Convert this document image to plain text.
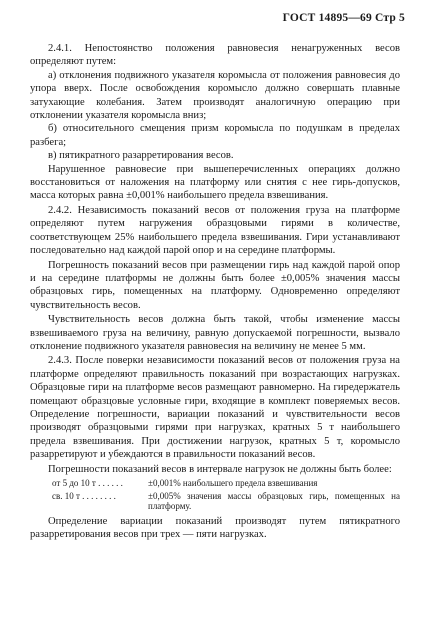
ГОСТ 14895—69 Стр 5

2.4.1. Непостоянство положения равновесия ненагруженных весов определяют путем:

а) отклонения подвижного указателя коромысла от положения равновесия до упора вверх. После освобождения коромысло должно совершать плавные затухающие колебания. Затем производят аналогичную операцию при отклонении указателя коромысла вниз;

б) относительного смещения призм коромысла по подушкам в пределах разбега;

в) пятикратного разарретирования весов.

Нарушенное равновесие при вышеперечисленных операциях должно восстановиться от наложения на платформу или снятия с нее гирь-допусков, масса которых равна ±0,001% наибольшего предела взвешивания.

2.4.2. Независимость показаний весов от положения груза на платформе определяют путем нагружения образцовыми гирями в количестве, соответствующем 25% наибольшего предела взвешивания. Гири устанавливают последовательно над каждой парой опор и на середине платформы.

Погрешность показаний весов при размещении гирь над каждой парой опор и на середине платформы не должны быть более ±0,005% значения массы образцовых гирь, помещенных на платформу. Одновременно определяют чувствительность весов.

Чувствительность весов должна быть такой, чтобы изменение массы взвешиваемого груза на величину, равную допускаемой погрешности, вызвало отклонение подвижного указателя равновесия на величину не менее 5 мм.

2.4.3. После поверки независимости показаний весов от положения груза на платформе определяют правильность показаний при возрастающих нагрузках. Образцовые гири на платформе весов размещают равномерно. На гиредержатель помещают образцовые условные гири, входящие в комплект поверяемых весов. Определение погрешности, вариации показаний и чувствительности весов производят образцовыми гирями при нагрузках, кратных 5 т наибольшего предела взвешивания. При достижении нагрузок, кратных 5 т, коромысло разарретируют и убеждаются в правильности показаний весов.

Погрешности показаний весов в интервале нагрузок не должны быть более:

от 5 до 10 т . . . . . .	±0,001% наибольшего предела взвешивания
св. 10 т . . . . . . . .	±0,005% значения массы образцовых гирь, помещенных на платформу.

Определение вариации показаний производят путем пятикратного разарретирования весов при трех — пяти нагрузках.
